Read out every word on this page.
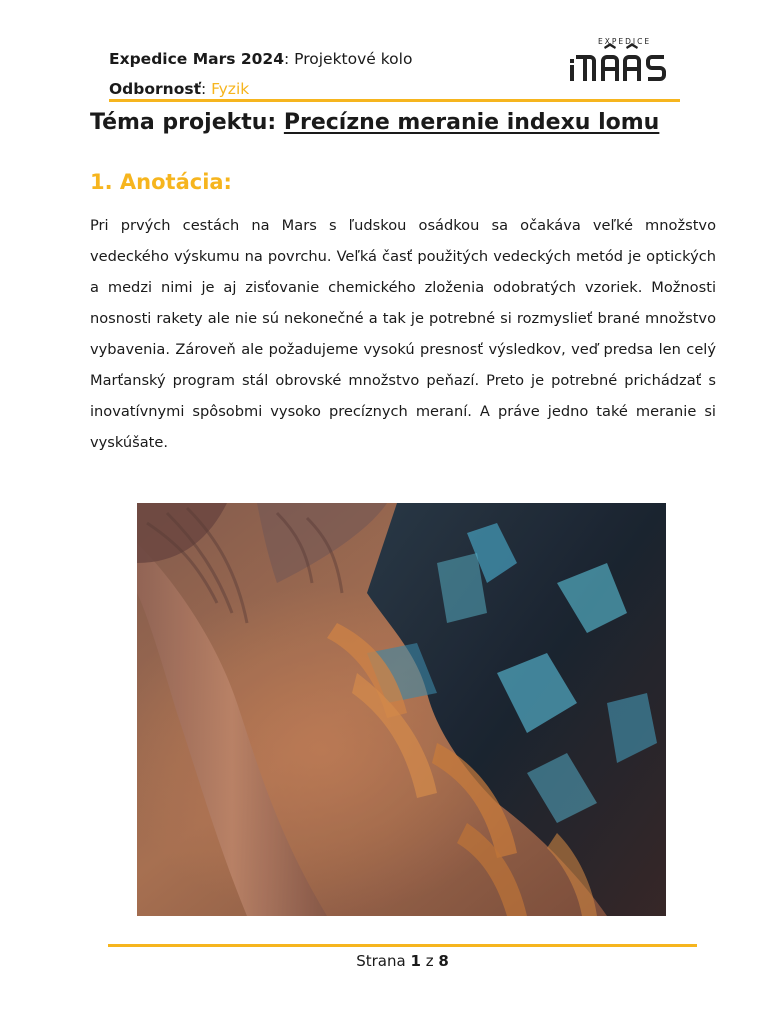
Expedice Mars 2024: Projektové kolo
Odbornosť: Fyzik
EXPEDICE
Téma projektu: Precízne meranie indexu lomu
1. Anotácia:
Pri prvých cestách na Mars s ľudskou osádkou sa očakáva veľké množstvo vedeckého výskumu na povrchu. Veľká časť použitých vedeckých metód je optických a medzi nimi je aj zisťovanie chemického zloženia odobratých vzoriek. Možnosti nosnosti rakety ale nie sú nekonečné a tak je potrebné si rozmyslieť brané množstvo vybavenia. Zároveň ale požadujeme vysokú presnosť výsledkov, veď predsa len celý Marťanský program stál obrovské množstvo peňazí. Preto je potrebné prichádzať s inovatívnymi spôsobmi vysoko precíznych meraní. A práve jedno také meranie si vyskúšate.
Strana 1 z 8
